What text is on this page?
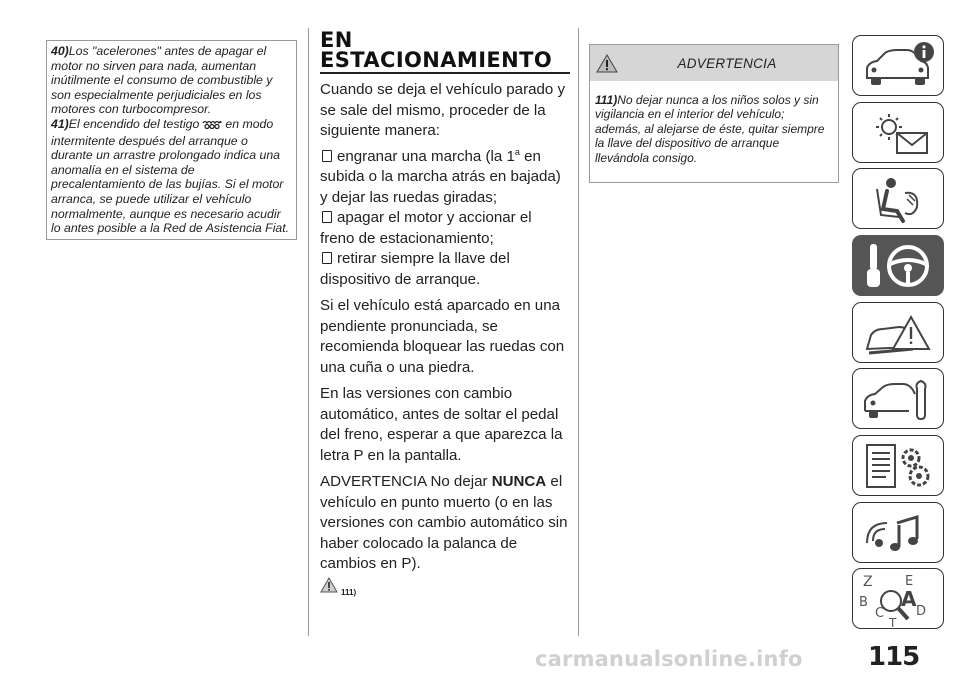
40)Los "acelerones" antes de apagar el motor no sirven para nada, aumentan inútilmente el consumo de combustible y son especialmente perjudiciales en los motores con turbocompresor.

41)El encendido del testigo en modo intermitente después del arranque o durante un arrastre prolongado indica una anomalía en el sistema de precalentamiento de las bujías. Si el motor arranca, se puede utilizar el vehículo normalmente, aunque es necesario acudir lo antes posible a la Red de Asistencia Fiat.

EN
ESTACIONAMIENTO

Cuando se deja el vehículo parado y se sale del mismo, proceder de la siguiente manera:

engranar una marcha (la 1$^a$ en subida o la marcha atrás en bajada) y dejar las ruedas giradas;

apagar el motor y accionar el freno de estacionamiento;

retirar siempre la llave del dispositivo de arranque.

Si el vehículo está aparcado en una pendiente pronunciada, se recomienda bloquear las ruedas con una cuña o una piedra.

En las versiones con cambio automático, antes de soltar el pedal del freno, esperar a que aparezca la letra P en la pantalla.

ADVERTENCIA No dejar NUNCA el vehículo en punto muerto (o en las versiones con cambio automático sin haber colocado la palanca de cambios en P).

111)
ADVERTENCIA
111)No dejar nunca a los niños solos y sin vigilancia en el interior del vehículo; además, al alejarse de éste, quitar siempre la llave del dispositivo de arranque llevándola consigo.
Z E
A
B
D
C
T
carmanualsonline.info	115
